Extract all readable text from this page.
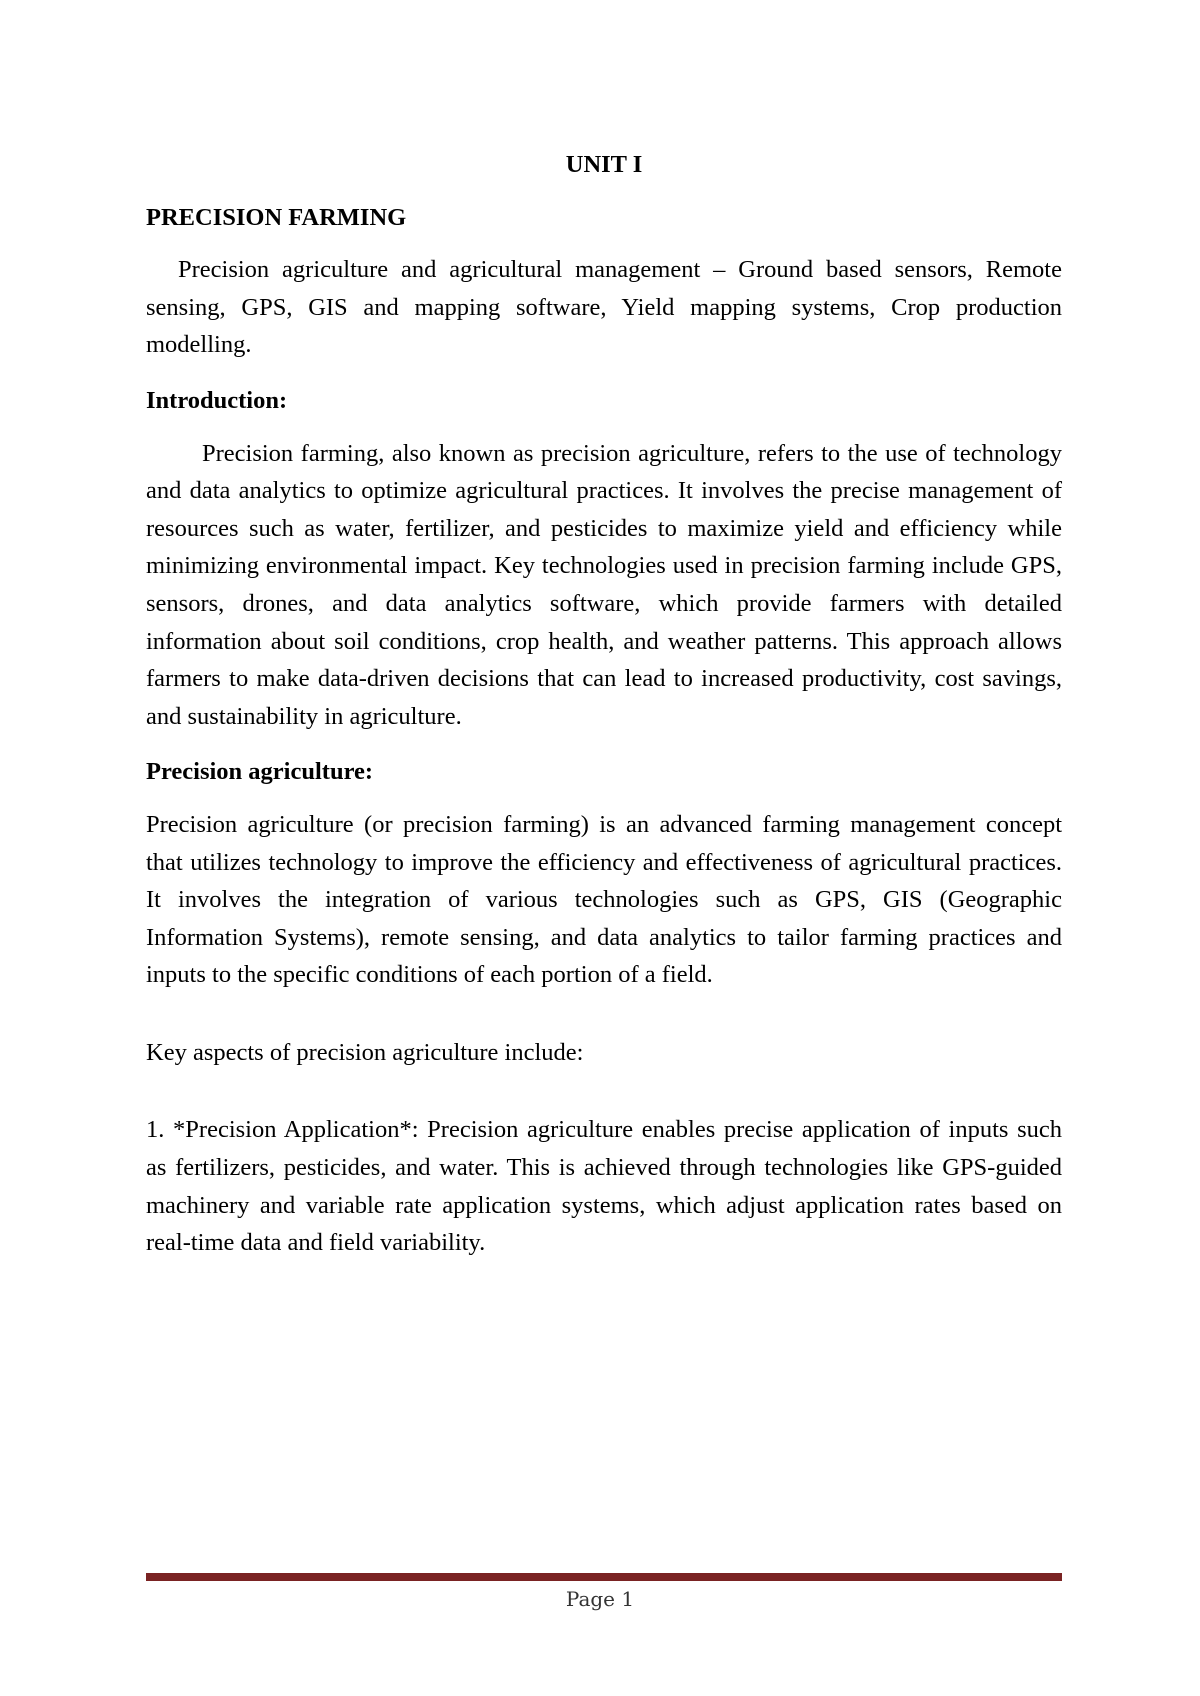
UNIT I
PRECISION FARMING

Precision agriculture and agricultural management – Ground based sensors, Remote sensing, GPS, GIS and mapping software, Yield mapping systems, Crop production modelling.

Introduction:

Precision farming, also known as precision agriculture, refers to the use of technology and data analytics to optimize agricultural practices. It involves the precise management of resources such as water, fertilizer, and pesticides to maximize yield and efficiency while minimizing environmental impact. Key technologies used in precision farming include GPS, sensors, drones, and data analytics software, which provide farmers with detailed information about soil conditions, crop health, and weather patterns. This approach allows farmers to make data-driven decisions that can lead to increased productivity, cost savings, and sustainability in agriculture.

Precision agriculture:

Precision agriculture (or precision farming) is an advanced farming management concept that utilizes technology to improve the efficiency and effectiveness of agricultural practices. It involves the integration of various technologies such as GPS, GIS (Geographic Information Systems), remote sensing, and data analytics to tailor farming practices and inputs to the specific conditions of each portion of a field.

Key aspects of precision agriculture include:

1. *Precision Application*: Precision agriculture enables precise application of inputs such as fertilizers, pesticides, and water. This is achieved through technologies like GPS-guided machinery and variable rate application systems, which adjust application rates based on real-time data and field variability.

Page 1
